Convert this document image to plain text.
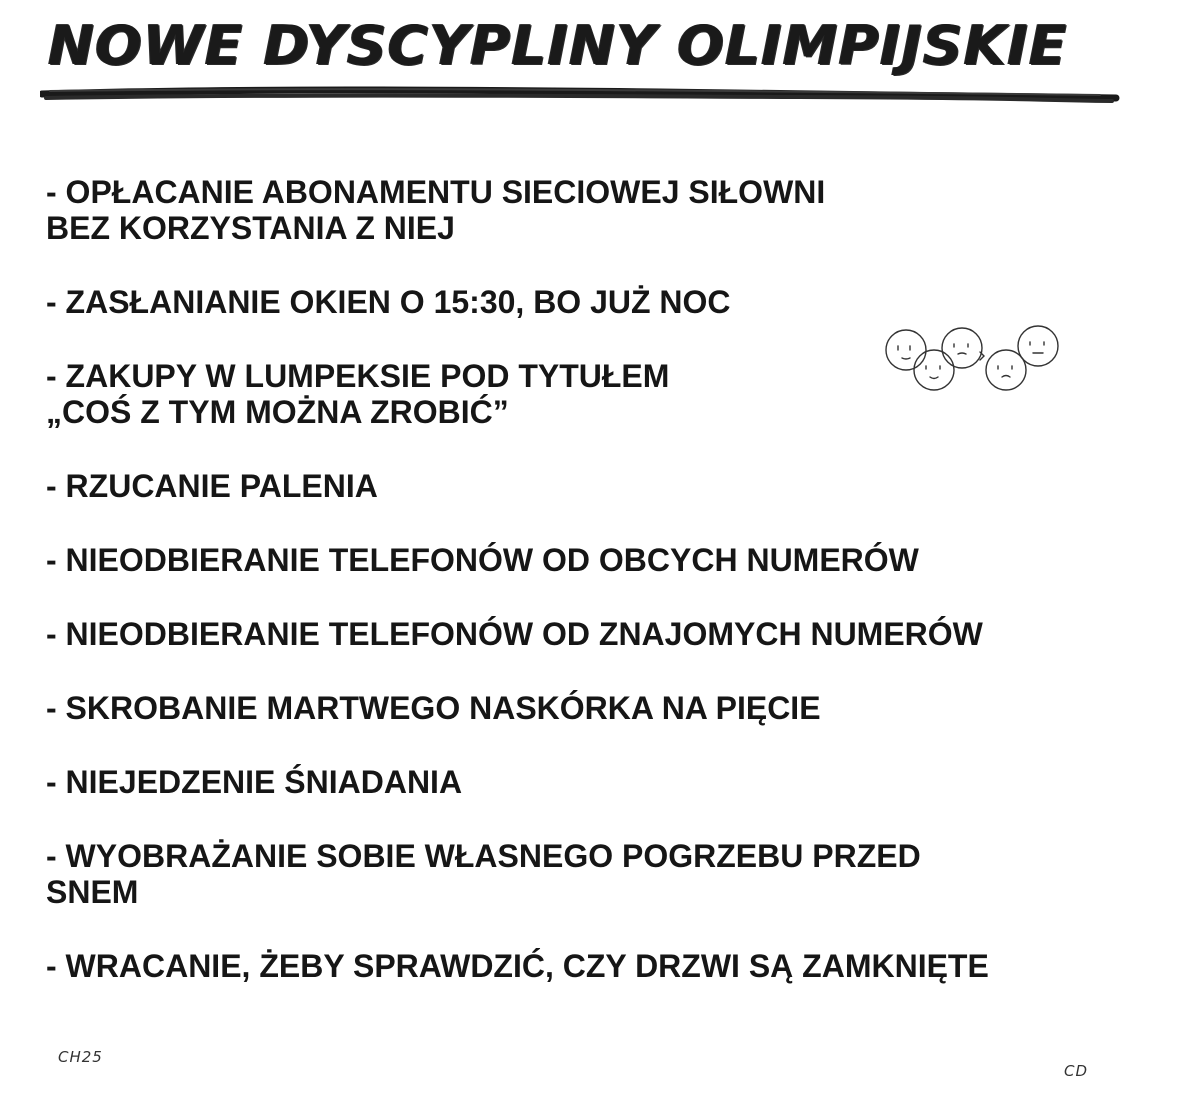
NOWE DYSCYPLINY OLIMPIJSKIE
- OPŁACANIE ABONAMENTU SIECIOWEJ SIŁOWNI
BEZ KORZYSTANIA Z NIEJ
- ZASŁANIANIE OKIEN O 15:30, BO JUŻ NOC
- ZAKUPY W LUMPEKSIE POD TYTUŁEM
„COŚ Z TYM MOŻNA ZROBIĆ”
- RZUCANIE PALENIA
- NIEODBIERANIE TELEFONÓW OD OBCYCH NUMERÓW
- NIEODBIERANIE TELEFONÓW OD ZNAJOMYCH NUMERÓW
- SKROBANIE MARTWEGO NASKÓRKA NA PIĘCIE
- NIEJEDZENIE ŚNIADANIA
- WYOBRAŻANIE SOBIE WŁASNEGO POGRZEBU PRZED
SNEM
- WRACANIE, ŻEBY SPRAWDZIĆ, CZY DRZWI SĄ ZAMKNIĘTE
CH25
CD
